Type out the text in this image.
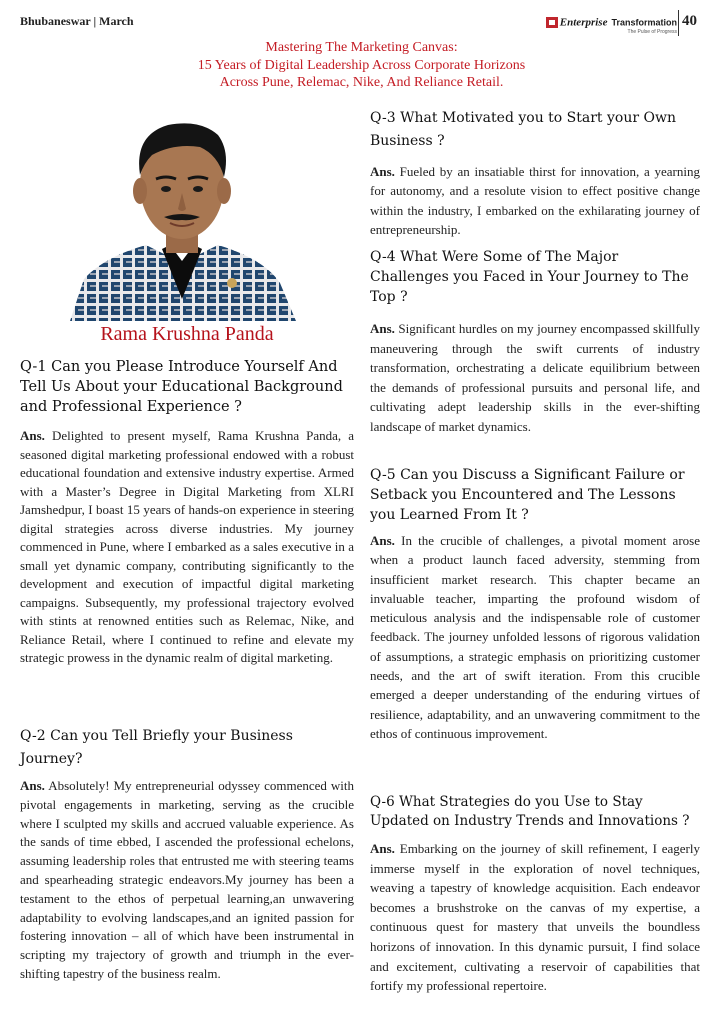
Bhubaneswar | March	Enterprise Transformation
The Pulse of Progress
40
Mastering The Marketing Canvas:
15 Years of Digital Leadership Across Corporate Horizons
Across Pune, Relemac, Nike, And Reliance Retail.
Rama Krushna Panda

Q-1 Can you Please Introduce Yourself And Tell Us About your Educational Background and Professional Experience ?

Ans. Delighted to present myself, Rama Krushna Panda, a seasoned digital marketing professional endowed with a robust educational foundation and extensive industry expertise. Armed with a Master’s Degree in Digital Marketing from XLRI Jamshedpur, I boast 15 years of hands-on experience in steering digital strategies across diverse industries. My journey commenced in Pune, where I embarked as a sales executive in a small yet dynamic company, contributing significantly to the development and execution of impactful digital marketing campaigns. Subsequently, my professional trajectory evolved with stints at renowned entities such as Relemac, Nike, and Reliance Retail, where I continued to refine and elevate my strategic prowess in the dynamic realm of digital marketing.

Q-2 Can you Tell Briefly your Business Journey?

Ans. Absolutely! My entrepreneurial odyssey commenced with pivotal engagements in marketing, serving as the crucible where I sculpted my skills and accrued valuable experience. As the sands of time ebbed, I ascended the professional echelons, assuming leadership roles that entrusted me with steering teams and spearheading strategic endeavors.My journey has been a testament to the ethos of perpetual learning,an unwavering adaptability to evolving landscapes,and an ignited passion for fostering innovation – all of which have been instrumental in scripting my trajectory of growth and triumph in the ever-shifting tapestry of the business realm.

Q-3 What Motivated you to Start your Own Business ?

Ans. Fueled by an insatiable thirst for innovation, a yearning for autonomy, and a resolute vision to effect positive change within the industry, I embarked on the exhilarating journey of entrepreneurship.

Q-4 What Were Some of The Major Challenges you Faced in Your Journey to The Top ?

Ans. Significant hurdles on my journey encompassed skillfully maneuvering through the swift currents of industry transformation, orchestrating a delicate equilibrium between the demands of professional pursuits and personal life, and cultivating adept leadership skills in the ever-shifting landscape of market dynamics.

Q-5 Can you Discuss a Significant Failure or Setback you Encountered and The Lessons you Learned From It ?

Ans. In the crucible of challenges, a pivotal moment arose when a product launch faced adversity, stemming from insufficient market research. This chapter became an invaluable teacher, imparting the profound wisdom of meticulous analysis and the indispensable role of customer feedback. The journey unfolded lessons of rigorous validation of assumptions, a strategic emphasis on prioritizing customer needs, and the art of swift iteration. From this crucible emerged a deeper understanding of the enduring virtues of resilience, adaptability, and an unwavering commitment to the ethos of continuous improvement.

Q-6 What Strategies do you Use to Stay Updated on Industry Trends and Innovations ?

Ans. Embarking on the journey of skill refinement, I eagerly immerse myself in the exploration of novel techniques, weaving a tapestry of knowledge acquisition. Each endeavor becomes a brushstroke on the canvas of my expertise, a continuous quest for mastery that unveils the boundless horizons of innovation. In this dynamic pursuit, I find solace and excitement, cultivating a reservoir of capabilities that fortify my professional repertoire.
